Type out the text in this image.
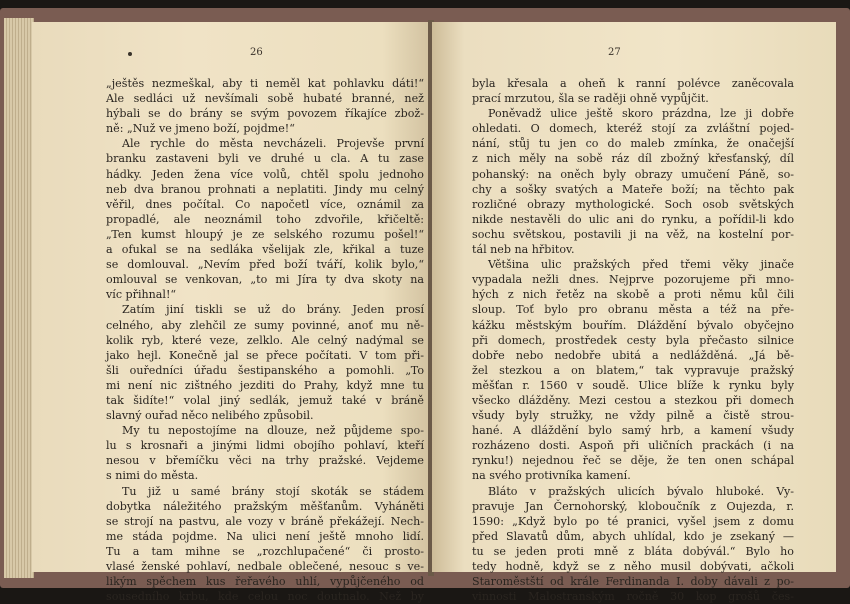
26
„ještěs nezmeškal, aby ti neměl kat pohlavku dáti!“
Ale sedláci už nevšímali sobě hubaté branné, než
hýbali se do brány se svým povozem říkajíce zbož-
ně: „Nuž ve jmeno boží, pojdme!“
Ale rychle do města nevcházeli. Projevše první
branku zastaveni byli ve druhé u cla. A tu zase
hádky. Jeden žena více volů, chtěl spolu jednoho
neb dva branou prohnati a neplatiti. Jindy mu celný
věřil, dnes počítal. Co napočetl více, oznámil za
propadlé, ale neoznámil toho zdvořile, křičeltě:
„Ten kumst hloupý je ze selského rozumu pošel!“
a ofukal se na sedláka všelijak zle, křikal a tuze
se domlouval. „Nevím před boží tváří, kolik bylo,“
omlouval se venkovan, „to mi Jíra ty dva skoty na
víc přihnal!“
Zatím jiní tiskli se už do brány. Jeden prosí
celného, aby zlehčil ze sumy povinné, anoť mu ně-
kolik ryb, které veze, zelklo. Ale celný nadýmal se
jako hejl. Konečně jal se přece počítati. V tom při-
šli ouředníci úřadu šestipanského a pomohli. „To
mi není nic zištného jezditi do Prahy, když mne tu
tak šidíte!“ volal jiný sedlák, jemuž také v bráně
slavný ouřad něco nelibého způsobil.
My tu nepostojíme na dlouze, než půjdeme spo-
lu s krosnaři a jinými lidmi obojího pohlaví, kteří
nesou v břemíčku věci na trhy pražské. Vejdeme
s nimi do města.
Tu již u samé brány stojí skoták se stádem
dobytka náležitého pražským měšťanům. Vyháněti
se strojí na pastvu, ale vozy v bráně překážejí. Nech-
me stáda pojdme. Na ulici není ještě mnoho lidí.
Tu a tam mihne se „rozchlupačené“ či prosto-
vlasé ženské pohlaví, nedbale oblečené, nesouc s ve-
likým spěchem kus řeřavého uhlí, vypůjčeného od
sousedního krbu, kde celou noc doutnalo. Než by
27
byla křesala a oheň k ranní polévce zaněcovala
prací mrzutou, šla se raději ohně vypůjčit.
Poněvadž ulice ještě skoro prázdna, lze ji dobře
ohledati. O domech, kteréž stojí za zvláštní pojed-
nání, stůj tu jen co do maleb zmínka, že onačejší
z nich měly na sobě ráz díl zbožný křesťanský, díl
pohanský: na oněch byly obrazy umučení Páně, so-
chy a sošky svatých a Mateře boží; na těchto pak
rozličné obrazy mythologické. Soch osob světských
nikde nestavěli do ulic ani do rynku, a pořídil-li kdo
sochu světskou, postavili ji na věž, na kostelní por-
tál neb na hřbitov.
Většina ulic pražských před třemi věky jinače
vypadala nežli dnes. Nejprve pozorujeme při mno-
hých z nich řetěz na skobě a proti němu kůl čili
sloup. Toť bylo pro obranu města a též na pře-
kážku městským bouřím. Dláždění bývalo obyčejno
při domech, prostředek cesty byla přečasto silnice
dobře nebo nedobře ubitá a nedlážděná. „Já bě-
žel stezkou a on blatem,“ tak vypravuje pražský
měšťan r. 1560 v soudě. Ulice blíže k rynku byly
všecko dlážděny. Mezi cestou a stezkou při domech
všudy byly stružky, ne vždy pilně a čistě strou-
hané. A dláždění bylo samý hrb, a kamení všudy
rozházeno dosti. Aspoň při uličních prackách (i na
rynku!) nejednou řeč se děje, že ten onen schápal
na svého protivníka kamení.
Bláto v pražských ulicích bývalo hluboké. Vy-
pravuje Jan Černohorský, kloboučník z Oujezda, r.
1590: „Když bylo po té pranici, vyšel jsem z domu
před Slavatů dům, abych uhlídal, kdo je zsekaný —
tu se jeden proti mně z bláta dobývál.“ Bylo ho
tedy hodně, když se z něho musil dobývati, ačkoli
Staroměstští od krále Ferdinanda I. doby dávali z po-
vinnosti Malostranským ročně 30 kop grošů čes-
